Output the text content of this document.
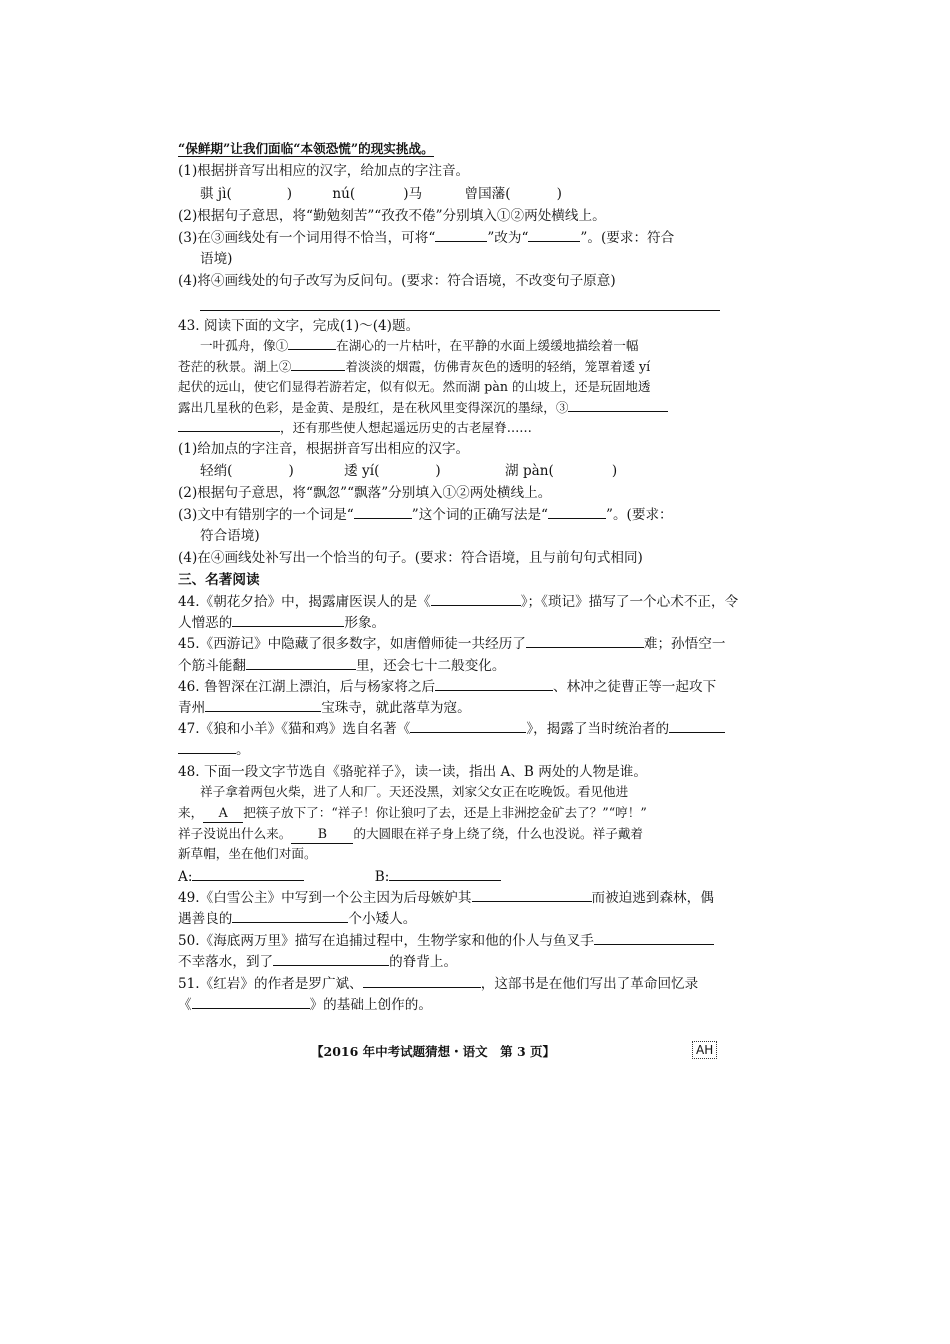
“保鲜期”让我们面临“本领恐慌”的现实挑战。
(1)根据拼音写出相应的汉字，给加点的字注音。
骐 jì(	)	nú(	)马	曾国藩(	)
(2)根据句子意思，将“勤勉刻苦”“孜孜不倦”分别填入①②两处横线上。
(3)在③画线处有一个词用得不恰当，可将“	”改为“	”。(要求：符合
语境)
(4)将④画线处的句子改写为反问句。(要求：符合语境，不改变句子原意)
43. 阅读下面的文字，完成(1)～(4)题。
一叶孤舟，像①	在湖心的一片枯叶，在平静的水面上缓缓地描绘着一幅
苍茫的秋景。湖上②	着淡淡的烟霞，仿佛青灰色的透明的轻绡，笼罩着逶 yí
起伏的远山，使它们显得若游若定，似有似无。然而湖 pàn 的山坡上，还是玩固地透
露出几星秋的色彩，是金黄、是殷红，是在秋风里变得深沉的墨绿，③
，还有那些使人想起遥远历史的古老屋脊……
(1)给加点的字注音，根据拼音写出相应的汉字。
轻绡(	)	逶 yí(	)	湖 pàn(	)
(2)根据句子意思，将“飘忽”“飘落”分别填入①②两处横线上。
(3)文中有错别字的一个词是“	”这个词的正确写法是“	”。(要求：
符合语境)
(4)在④画线处补写出一个恰当的句子。(要求：符合语境，且与前句句式相同)
三、名著阅读
44.《朝花夕拾》中，揭露庸医误人的是《	》；《琐记》描写了一个心术不正，令
人憎恶的	形象。
45.《西游记》中隐藏了很多数字，如唐僧师徒一共经历了	难；孙悟空一
个筋斗能翻	里，还会七十二般变化。
46. 鲁智深在江湖上漂泊，后与杨家将之后	、林冲之徒曹正等一起攻下
青州	宝珠寺，就此落草为寇。
47.《狼和小羊》《猫和鸡》选自名著《	》，揭露了当时统治者的
。
48. 下面一段文字节选自《骆驼祥子》，读一读，指出 A、B 两处的人物是谁。
祥子拿着两包火柴，进了人和厂。天还没黑，刘家父女正在吃晚饭。看见他进
来， A 把筷子放下了：“祥子！你让狼叼了去，还是上非洲挖金矿去了？”“哼！”
祥子没说出什么来。 B 的大圆眼在祥子身上绕了绕，什么也没说。祥子戴着
新草帽，坐在他们对面。
A:	B:
49.《白雪公主》中写到一个公主因为后母嫉妒其	而被迫逃到森林，偶
遇善良的	个小矮人。
50.《海底两万里》描写在追捕过程中，生物学家和他的仆人与鱼叉手
不幸落水，到了	的脊背上。
51.《红岩》的作者是罗广斌、	，这部书是在他们写出了革命回忆录
《	》的基础上创作的。
【2016 年中考试题猜想・语文　第 3 页】	AH
